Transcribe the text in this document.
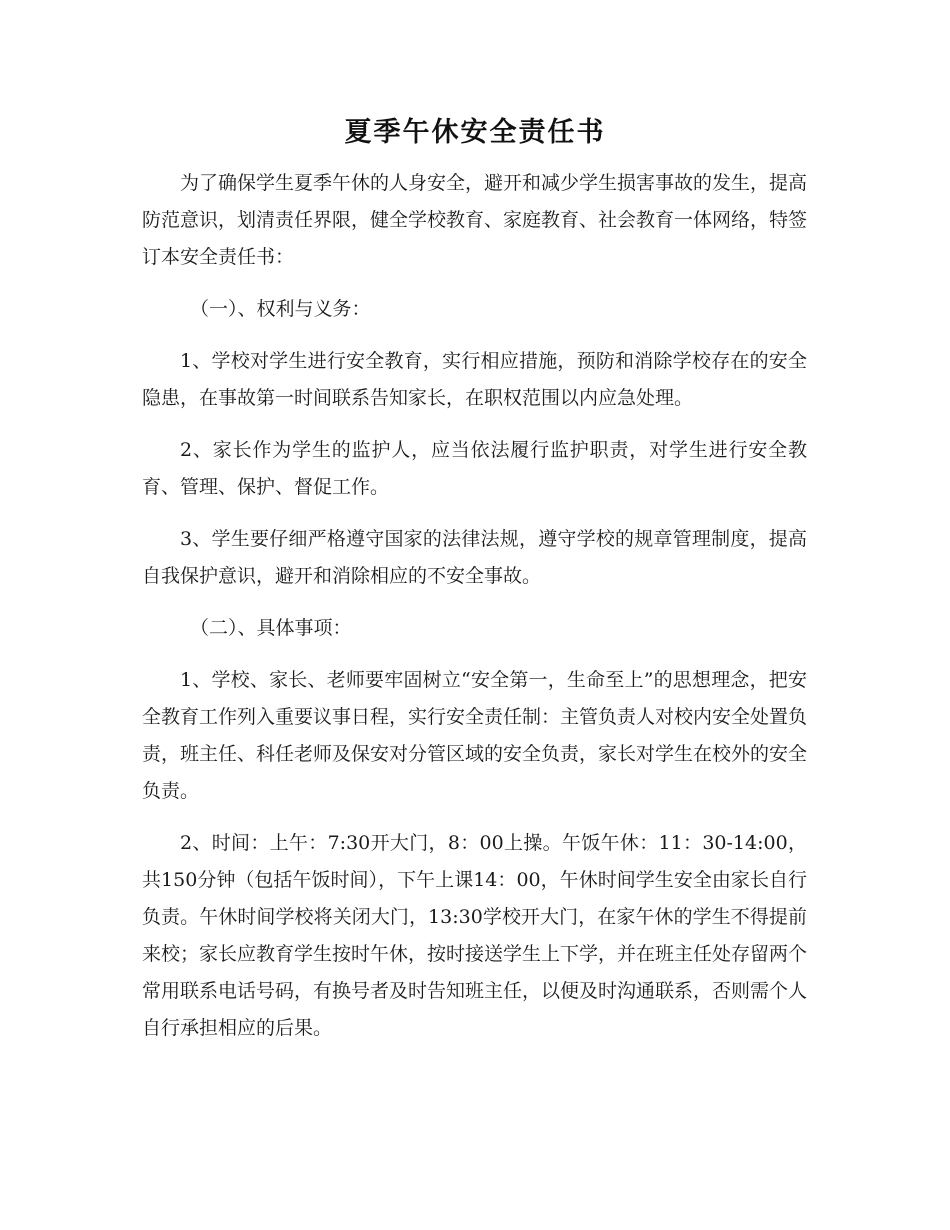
夏季午休安全责任书

为了确保学生夏季午休的人身安全，避开和减少学生损害事故的发生，提高防范意识，划清责任界限，健全学校教育、家庭教育、社会教育一体网络，特签订本安全责任书：

（一）、权利与义务：

1、学校对学生进行安全教育，实行相应措施，预防和消除学校存在的安全隐患，在事故第一时间联系告知家长，在职权范围以内应急处理。

2、家长作为学生的监护人，应当依法履行监护职责，对学生进行安全教育、管理、保护、督促工作。

3、学生要仔细严格遵守国家的法律法规，遵守学校的规章管理制度，提高自我保护意识，避开和消除相应的不安全事故。

（二）、具体事项：

1、学校、家长、老师要牢固树立“安全第一，生命至上”的思想理念，把安全教育工作列入重要议事日程，实行安全责任制：主管负责人对校内安全处置负责，班主任、科任老师及保安对分管区域的安全负责，家长对学生在校外的安全负责。

2、时间：上午：7:30开大门，8：00上操。午饭午休：11：30-14:00，共150分钟（包括午饭时间），下午上课14：00，午休时间学生安全由家长自行负责。午休时间学校将关闭大门，13:30学校开大门，在家午休的学生不得提前来校；家长应教育学生按时午休，按时接送学生上下学，并在班主任处存留两个常用联系电话号码，有换号者及时告知班主任，以便及时沟通联系，否则需个人自行承担相应的后果。
